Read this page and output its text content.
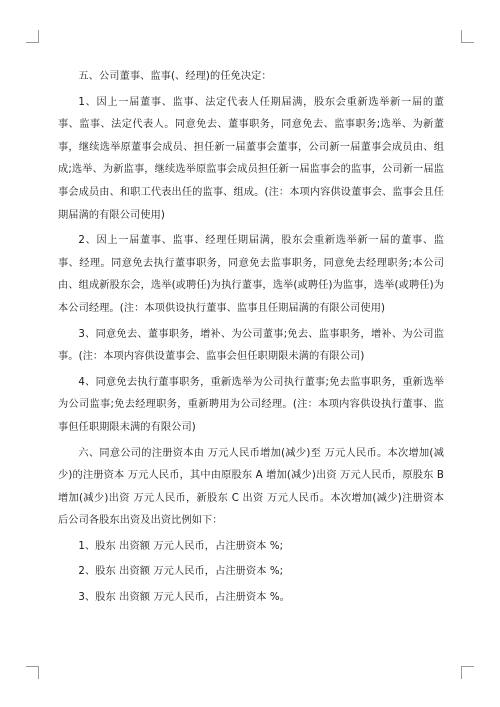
五、公司董事、监事(、经理)的任免决定：

1、因上一届董事、监事、法定代表人任期届满，股东会重新选举新一届的董事、监事、法定代表人。同意免去、董事职务，同意免去、监事职务;选举、为新董事，继续选举原董事会成员、担任新一届董事会董事，公司新一届董事会成员由、组成;选举、为新监事，继续选举原监事会成员担任新一届监事会的监事，公司新一届监事会成员由、和职工代表出任的监事、组成。(注：本项内容供设董事会、监事会且任期届满的有限公司使用)

2、因上一届董事、监事、经理任期届满，股东会重新选举新一届的董事、监事、经理。同意免去执行董事职务，同意免去监事职务，同意免去经理职务;本公司由、组成新股东会，选举(或聘任)为执行董事，选举(或聘任)为监事，选举(或聘任)为本公司经理。(注：本项供设执行董事、监事且任期届满的有限公司使用)

3、同意免去、董事职务，增补、为公司董事;免去、监事职务，增补、为公司监事。(注：本项内容供设董事会、监事会但任职期限未满的有限公司)

4、同意免去执行董事职务，重新选举为公司执行董事;免去监事职务，重新选举为公司监事;免去经理职务，重新聘用为公司经理。(注：本项内容供设执行董事、监事但任职期限未满的有限公司)

六、同意公司的注册资本由 万元人民币增加(减少)至 万元人民币。本次增加(减少)的注册资本 万元人民币，其中由原股东 A 增加(减少)出资 万元人民币，原股东 B 增加(减少)出资 万元人民币，新股东 C 出资 万元人民币。本次增加(减少)注册资本后公司各股东出资及出资比例如下：

1、股东 出资额 万元人民币，占注册资本 %;

2、股东 出资额 万元人民币，占注册资本 %;

3、股东 出资额 万元人民币，占注册资本 %。
